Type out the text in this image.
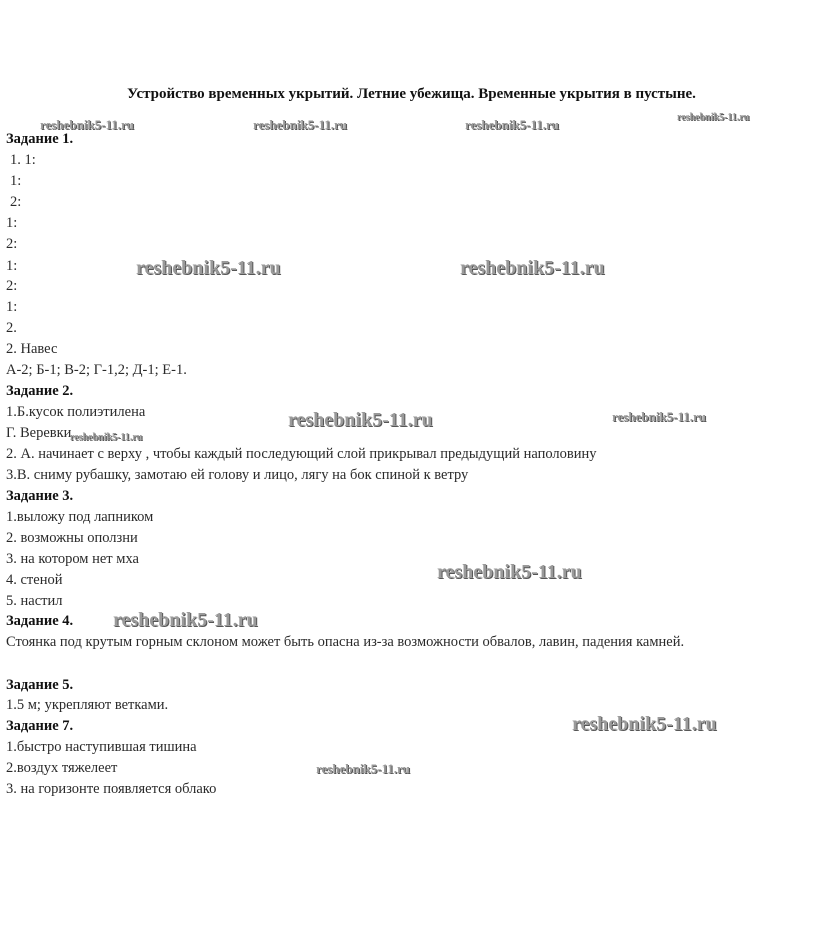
Устройство временных укрытий. Летние убежища. Временные укрытия в пустыне.
Задание 1.
1. 1:
1:
2:
1:
2:
1:
2:
1:
2.
2. Навес
А-2; Б-1; В-2; Г-1,2; Д-1; Е-1.
Задание 2.
1.Б.кусок полиэтилена
Г. Веревки
2. А. начинает с верху , чтобы каждый последующий слой прикрывал предыдущий наполовину
3.В. сниму рубашку, замотаю ей голову и лицо, лягу на бок спиной к ветру
Задание 3.
1.выложу под лапником
2. возможны оползни
3. на котором нет мха
4. стеной
5. настил
Задание 4.
Стоянка под крутым горным склоном может быть опасна из-за возможности обвалов, лавин, падения камней.
Задание 5.
1.5 м; укрепляют ветками.
Задание 7.
1.быстро наступившая тишина
2.воздух тяжелеет
3. на горизонте появляется облако
reshebnik5-11.ru	reshebnik5-11.ru	reshebnik5-11.ru	reshebnik5-11.ru
reshebnik5-11.ru	reshebnik5-11.ru
reshebnik5-11.ru	reshebnik5-11.ru
reshebnik5-11.ru
reshebnik5-11.ru
reshebnik5-11.ru
reshebnik5-11.ru
reshebnik5-11.ru
